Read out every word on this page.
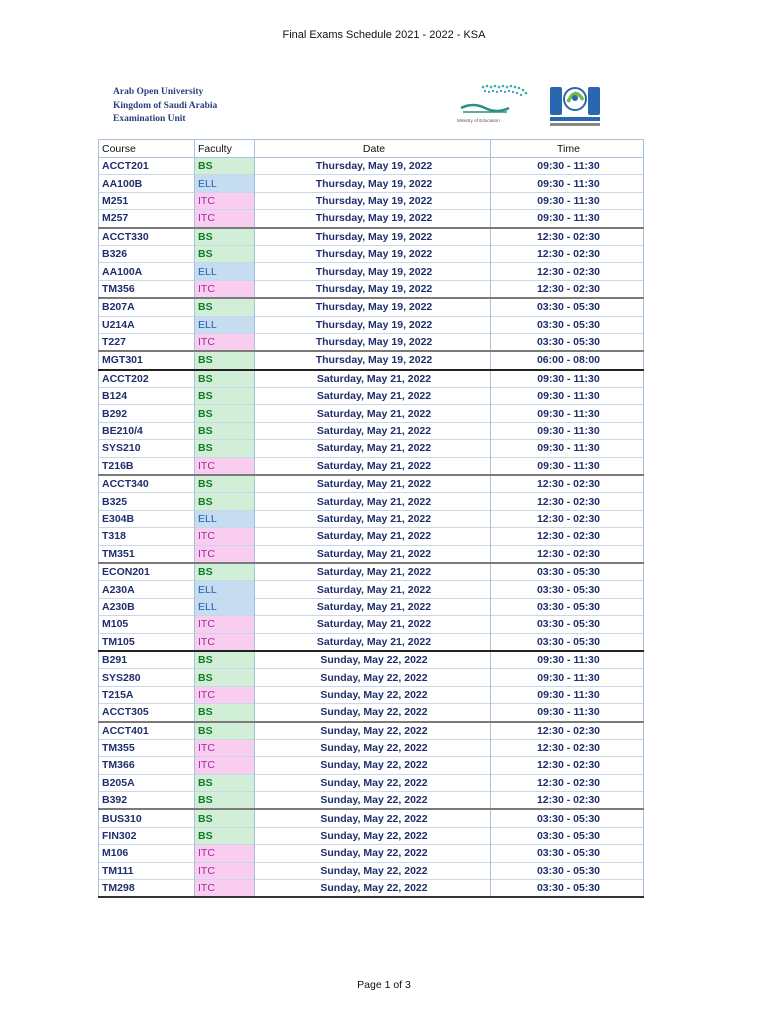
Final Exams Schedule 2021 - 2022 - KSA
Arab Open University
Kingdom of Saudi Arabia
Examination Unit	Ministry of Education
Course	Faculty	Date	Time
ACCT201	BS	Thursday, May 19, 2022	09:30 - 11:30
AA100B	ELL	Thursday, May 19, 2022	09:30 - 11:30
M251	ITC	Thursday, May 19, 2022	09:30 - 11:30
M257	ITC	Thursday, May 19, 2022	09:30 - 11:30
ACCT330	BS	Thursday, May 19, 2022	12:30 - 02:30
B326	BS	Thursday, May 19, 2022	12:30 - 02:30
AA100A	ELL	Thursday, May 19, 2022	12:30 - 02:30
TM356	ITC	Thursday, May 19, 2022	12:30 - 02:30
B207A	BS	Thursday, May 19, 2022	03:30 - 05:30
U214A	ELL	Thursday, May 19, 2022	03:30 - 05:30
T227	ITC	Thursday, May 19, 2022	03:30 - 05:30
MGT301	BS	Thursday, May 19, 2022	06:00 - 08:00
ACCT202	BS	Saturday, May 21, 2022	09:30 - 11:30
B124	BS	Saturday, May 21, 2022	09:30 - 11:30
B292	BS	Saturday, May 21, 2022	09:30 - 11:30
BE210/4	BS	Saturday, May 21, 2022	09:30 - 11:30
SYS210	BS	Saturday, May 21, 2022	09:30 - 11:30
T216B	ITC	Saturday, May 21, 2022	09:30 - 11:30
ACCT340	BS	Saturday, May 21, 2022	12:30 - 02:30
B325	BS	Saturday, May 21, 2022	12:30 - 02:30
E304B	ELL	Saturday, May 21, 2022	12:30 - 02:30
T318	ITC	Saturday, May 21, 2022	12:30 - 02:30
TM351	ITC	Saturday, May 21, 2022	12:30 - 02:30
ECON201	BS	Saturday, May 21, 2022	03:30 - 05:30
A230A	ELL	Saturday, May 21, 2022	03:30 - 05:30
A230B	ELL	Saturday, May 21, 2022	03:30 - 05:30
M105	ITC	Saturday, May 21, 2022	03:30 - 05:30
TM105	ITC	Saturday, May 21, 2022	03:30 - 05:30
B291	BS	Sunday, May 22, 2022	09:30 - 11:30
SYS280	BS	Sunday, May 22, 2022	09:30 - 11:30
T215A	ITC	Sunday, May 22, 2022	09:30 - 11:30
ACCT305	BS	Sunday, May 22, 2022	09:30 - 11:30
ACCT401	BS	Sunday, May 22, 2022	12:30 - 02:30
TM355	ITC	Sunday, May 22, 2022	12:30 - 02:30
TM366	ITC	Sunday, May 22, 2022	12:30 - 02:30
B205A	BS	Sunday, May 22, 2022	12:30 - 02:30
B392	BS	Sunday, May 22, 2022	12:30 - 02:30
BUS310	BS	Sunday, May 22, 2022	03:30 - 05:30
FIN302	BS	Sunday, May 22, 2022	03:30 - 05:30
M106	ITC	Sunday, May 22, 2022	03:30 - 05:30
TM111	ITC	Sunday, May 22, 2022	03:30 - 05:30
TM298	ITC	Sunday, May 22, 2022	03:30 - 05:30
Page 1 of 3
